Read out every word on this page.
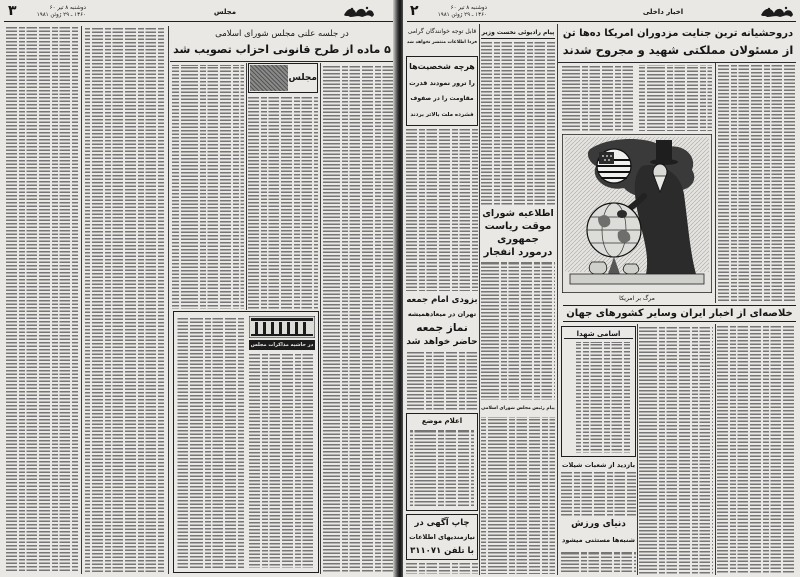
۳	دوشنبه ۸ تیر ۶۰
۱۳۶۰ ـ ۲۹ ژوئن ۱۹۸۱	مجلس
در جلسه علنی مجلس شورای اسلامی
۵ ماده از طرح قانونی احزاب تصویب شد
مجلس
در حاشیه مذاکرات مجلس
۲	دوشنبه ۸ تیر ۶۰
۱۳۶۰ ـ ۲۹ ژوئن ۱۹۸۱	اخبار داخلی
دروحشیانه ترین جنایت مزدوران امریکا ده‌ها تن
از مسئولان مملکتی شهید و مجروح شدند
مرگ بر امریکا
خلاصه‌ای از اخبار ایران وسایر کشورهای جهان
اسامی شهدا
بازدید از شعبات شیلات
دنیای ورزش
شنبه‌ها مستثنی میشود
پیام رادیوئی نخست وزیر
اطلاعیه شورای
موقت ریاست
جمهوری
درمورد انفجار
پیام رئیس مجلس شورای اسلامی
قابل توجه خوانندگان گرامی
فردا اطلاعات منتشر نخواهد شد
هرچه شخصیت‌ها
را ترور نمودند قدرت
مقاومت را در صفوف
فشرده ملت بالاتر بردند
بزودی امام جمعه
تهران در میعادهمیشه
نماز جمعه
حاضر خواهد شد
اعلام موضع
چاپ آگهی در
نیازمندیهای اطلاعات
با تلفن ۳۱۱۰۷۱
